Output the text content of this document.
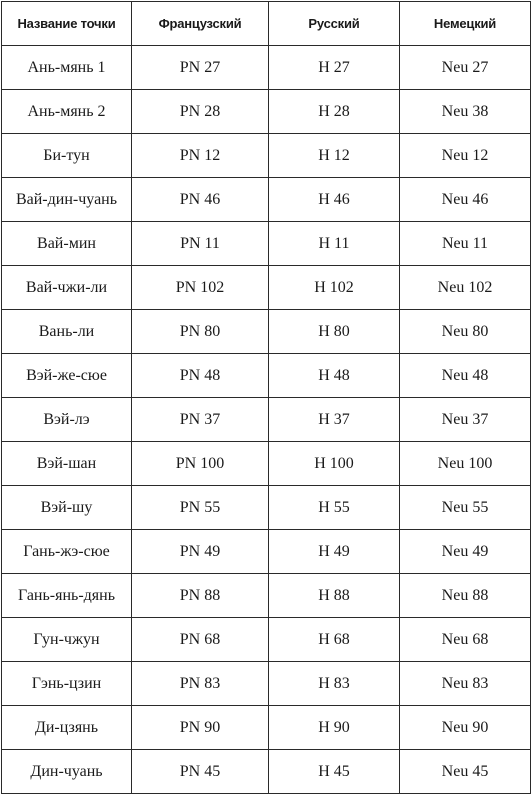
Название точки	Французский	Русский	Немецкий
Ань-мянь 1	PN 27	H 27	Neu 27
Ань-мянь 2	PN 28	H 28	Neu 38
Би-тун	PN 12	H 12	Neu 12
Вай-дин-чуань	PN 46	H 46	Neu 46
Вай-мин	PN 11	H 11	Neu 11
Вай-чжи-ли	PN 102	H 102	Neu 102
Вань-ли	PN 80	H 80	Neu 80
Вэй-же-сюе	PN 48	H 48	Neu 48
Вэй-лэ	PN 37	H 37	Neu 37
Вэй-шан	PN 100	H 100	Neu 100
Вэй-шу	PN 55	H 55	Neu 55
Гань-жэ-сюе	PN 49	H 49	Neu 49
Гань-янь-дянь	PN 88	H 88	Neu 88
Гун-чжун	PN 68	H 68	Neu 68
Гэнь-цзин	PN 83	H 83	Neu 83
Ди-цзянь	PN 90	H 90	Neu 90
Дин-чуань	PN 45	H 45	Neu 45
